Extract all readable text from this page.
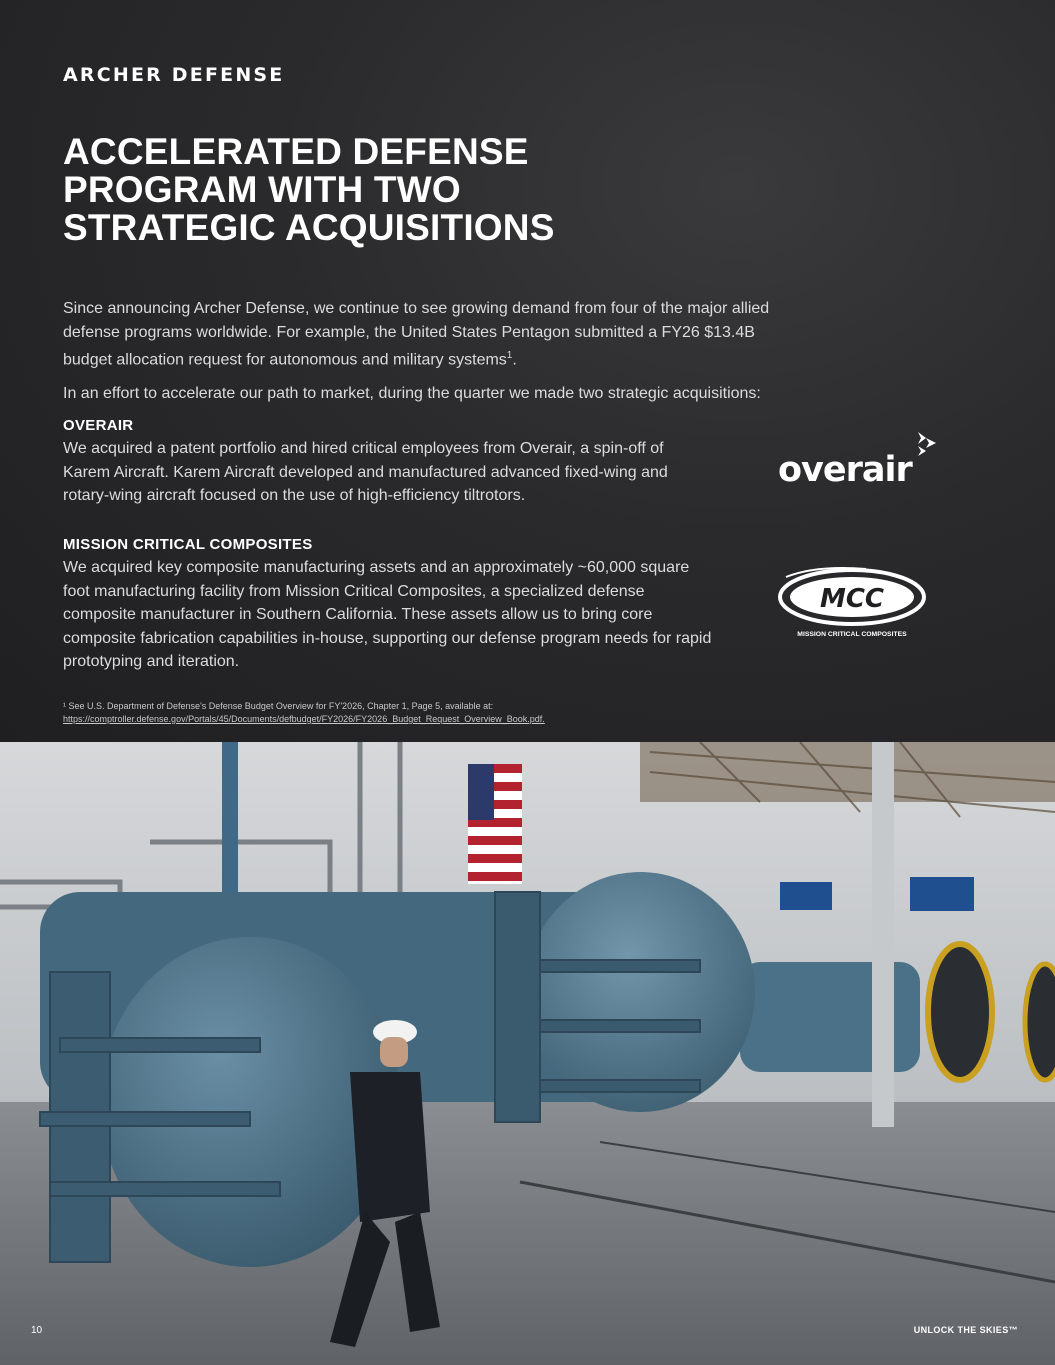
ARCHER DEFENSE
ACCELERATED DEFENSE
PROGRAM WITH TWO
STRATEGIC ACQUISITIONS

Since announcing Archer Defense, we continue to see growing demand from four of the major allied defense programs worldwide. For example, the United States Pentagon submitted a FY26 $13.4B budget allocation request for autonomous and military systems$^1$.

In an effort to accelerate our path to market, during the quarter we made two strategic acquisitions:

OVERAIR

We acquired a patent portfolio and hired critical employees from Overair, a spin-off of Karem Aircraft. Karem Aircraft developed and manufactured advanced fixed-wing and rotary-wing aircraft focused on the use of high-efficiency tiltrotors.

MISSION CRITICAL COMPOSITES

We acquired key composite manufacturing assets and an approximately ~60,000 square foot manufacturing facility from Mission Critical Composites, a specialized defense composite manufacturer in Southern California. These assets allow us to bring core composite fabrication capabilities in-house, supporting our defense program needs for rapid prototyping and iteration.

overair
MCC
MISSION CRITICAL COMPOSITES
¹ See U.S. Department of Defense's Defense Budget Overview for FY'2026, Chapter 1, Page 5, available at:
https://comptroller.defense.gov/Portals/45/Documents/defbudget/FY2026/FY2026_Budget_Request_Overview_Book.pdf.
10	UNLOCK THE SKIES™
